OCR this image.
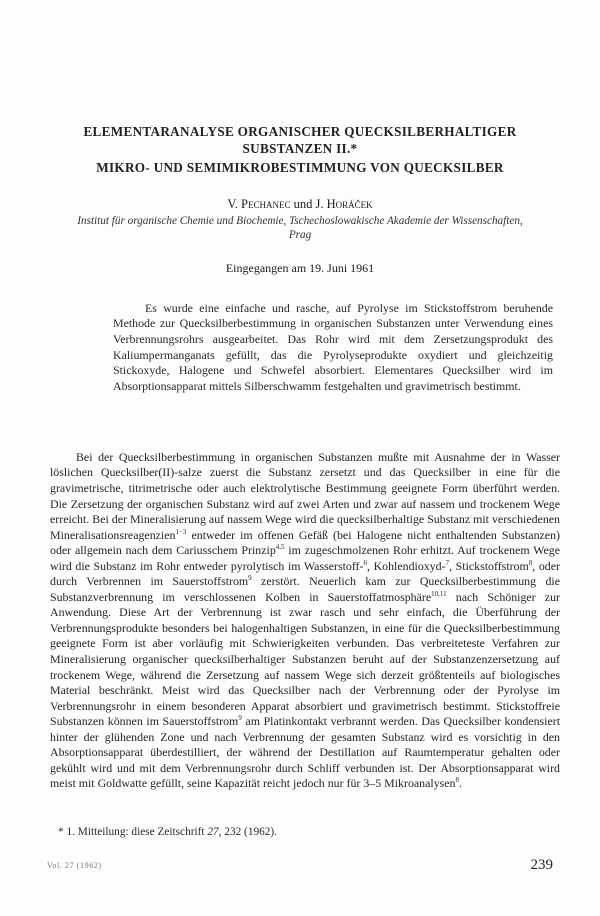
ELEMENTARANALYSE ORGANISCHER QUECKSILBERHALTIGER
SUBSTANZEN II.*
MIKRO- UND SEMIMIKROBESTIMMUNG VON QUECKSILBER
V. Pechanec und J. Horáček
Institut für organische Chemie und Biochemie, Tschechoslowakische Akademie der Wissenschaften,
Prag
Eingegangen am 19. Juni 1961

Es wurde eine einfache und rasche, auf Pyrolyse im Stickstoffstrom beruhende Methode zur Quecksilberbestimmung in organischen Substanzen unter Verwendung eines Verbrennungsrohrs ausgearbeitet. Das Rohr wird mit dem Zersetzungsprodukt des Kaliumpermanganats gefüllt, das die Pyrolyseprodukte oxydiert und gleichzeitig Stickoxyde, Halogene und Schwefel absorbiert. Elementares Quecksilber wird im Absorptionsapparat mittels Silberschwamm festgehalten und gravimetrisch bestimmt.

Bei der Quecksilberbestimmung in organischen Substanzen mußte mit Ausnahme der in Wasser löslichen Quecksilber(II)-salze zuerst die Substanz zersetzt und das Quecksilber in eine für die gravimetrische, titrimetrische oder auch elektrolytische Bestimmung geeignete Form überführt werden. Die Zersetzung der organischen Substanz wird auf zwei Arten und zwar auf nassem und trockenem Wege erreicht. Bei der Mineralisierung auf nassem Wege wird die quecksilberhaltige Substanz mit verschiedenen Mineralisationsreagenzien$^{1-3}$ entweder im offenen Gefäß (bei Halogene nicht enthaltenden Substanzen) oder allgemein nach dem Cariusschem Prinzip$^{4,5}$ im zugeschmolzenen Rohr erhitzt. Auf trockenem Wege wird die Substanz im Rohr entweder pyrolytisch im Wasserstoff-$^6$, Kohlendioxyd-$^7$, Stickstoffstrom$^8$, oder durch Verbrennen im Sauerstoffstrom$^9$ zerstört. Neuerlich kam zur Quecksilberbestimmung die Substanzverbrennung im verschlossenen Kolben in Sauerstoffatmosphäre$^{10,11}$ nach Schöniger zur Anwendung. Diese Art der Verbrennung ist zwar rasch und sehr einfach, die Überführung der Verbrennungsprodukte besonders bei halogenhaltigen Substanzen, in eine für die Quecksilberbestimmung geeignete Form ist aber vorläufig mit Schwierigkeiten verbunden. Das verbreiteteste Verfahren zur Mineralisierung organischer quecksilberhaltiger Substanzen beruht auf der Substanzenzersetzung auf trockenem Wege, während die Zersetzung auf nassem Wege sich derzeit größtenteils auf biologisches Material beschränkt. Meist wird das Quecksilber nach der Verbrennung oder der Pyrolyse im Verbrennungsrohr in einem besonderen Apparat absorbiert und gravimetrisch bestimmt. Stickstoffreie Substanzen können im Sauerstoffstrom$^9$ am Platinkontakt verbrannt werden. Das Quecksilber kondensiert hinter der glühenden Zone und nach Verbrennung der gesamten Substanz wird es vorsichtig in den Absorptionsapparat überdestilliert, der während der Destillation auf Raumtemperatur gehalten oder gekühlt wird und mit dem Verbrennungsrohr durch Schliff verbunden ist. Der Absorptionsapparat wird meist mit Goldwatte gefüllt, seine Kapazität reicht jedoch nur für 3–5 Mikroanalysen$^8$.

* 1. Mitteilung: diese Zeitschrift 27, 232 (1962).
Vol. 27 (1962)	239
